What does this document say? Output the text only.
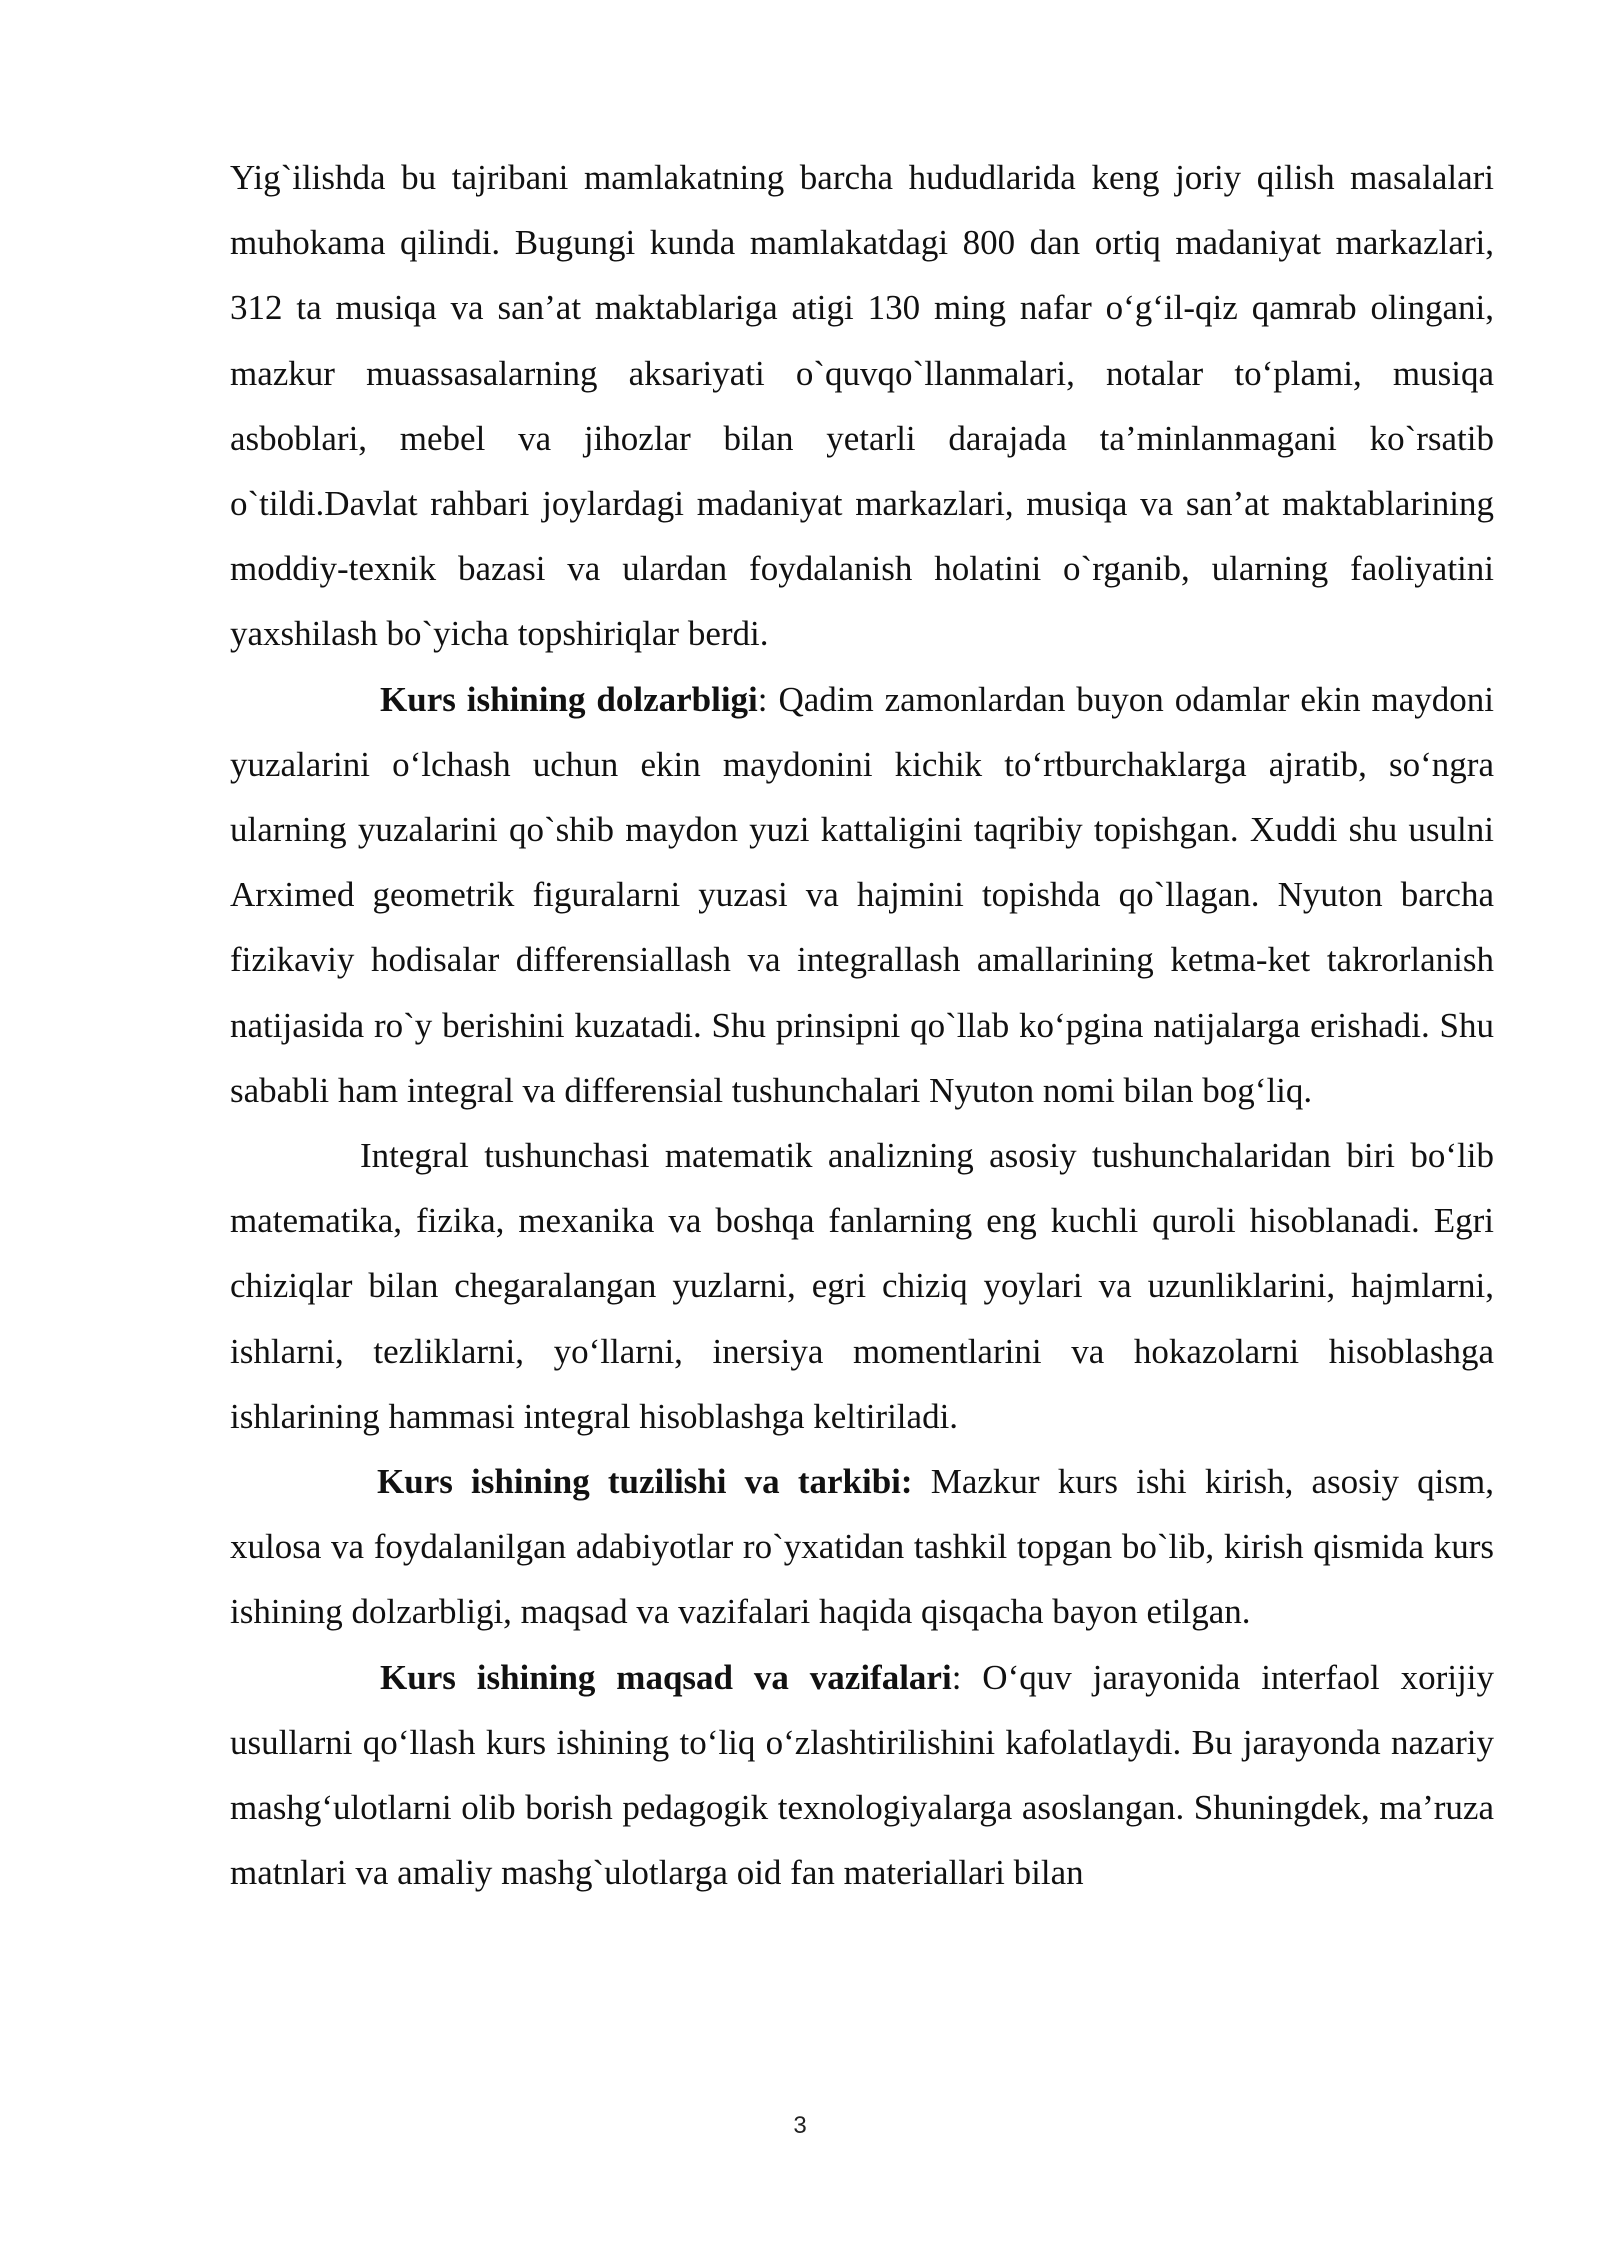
Yig`ilishda bu tajribani mamlakatning barcha hududlarida keng joriy qilish masalalari muhokama qilindi. Bugungi kunda mamlakatdagi 800 dan ortiq madaniyat markazlari, 312 ta musiqa va san’at maktablariga atigi 130 ming nafar o‘g‘il-qiz qamrab olingani, mazkur muassasalarning aksariyati o`quvqo`llanmalari, notalar to‘plami, musiqa asboblari, mebel va jihozlar bilan yetarli darajada ta’minlanmagani ko`rsatib o`tildi.Davlat rahbari joylardagi madaniyat markazlari, musiqa va san’at maktablarining moddiy-texnik bazasi va ulardan foydalanish holatini o`rganib, ularning faoliyatini yaxshilash bo`yicha topshiriqlar berdi.

Kurs ishining dolzarbligi: Qadim zamonlardan buyon odamlar ekin maydoni yuzalarini o‘lchash uchun ekin maydonini kichik to‘rtburchaklarga ajratib, so‘ngra ularning yuzalarini qo`shib maydon yuzi kattaligini taqribiy topishgan. Xuddi shu usulni Arximed geometrik figuralarni yuzasi va hajmini topishda qo`llagan. Nyuton barcha fizikaviy hodisalar differensiallash va integrallash amallarining ketma-ket takrorlanish natijasida ro`y berishini kuzatadi. Shu prinsipni qo`llab ko‘pgina natijalarga erishadi. Shu sababli ham integral va differensial tushunchalari Nyuton nomi bilan bog‘liq.

Integral tushunchasi matematik analizning asosiy tushunchalaridan biri bo‘lib matematika, fizika, mexanika va boshqa fanlarning eng kuchli quroli hisoblanadi. Egri chiziqlar bilan chegaralangan yuzlarni, egri chiziq yoylari va uzunliklarini, hajmlarni, ishlarni, tezliklarni, yo‘llarni, inersiya momentlarini va hokazolarni hisoblashga ishlarining hammasi integral hisoblashga keltiriladi.

Kurs ishining tuzilishi va tarkibi: Mazkur kurs ishi kirish, asosiy qism, xulosa va foydalanilgan adabiyotlar ro`yxatidan tashkil topgan bo`lib, kirish qismida kurs ishining dolzarbligi, maqsad va vazifalari haqida qisqacha bayon etilgan.

Kurs ishining maqsad va vazifalari: O‘quv jarayonida interfaol xorijiy usullarni qo‘llash kurs ishining to‘liq o‘zlashtirilishini kafolatlaydi. Bu jarayonda nazariy mashg‘ulotlarni olib borish pedagogik texnologiyalarga asoslangan. Shuningdek, ma’ruza matnlari va amaliy mashg`ulotlarga oid fan materiallari bilan

3
